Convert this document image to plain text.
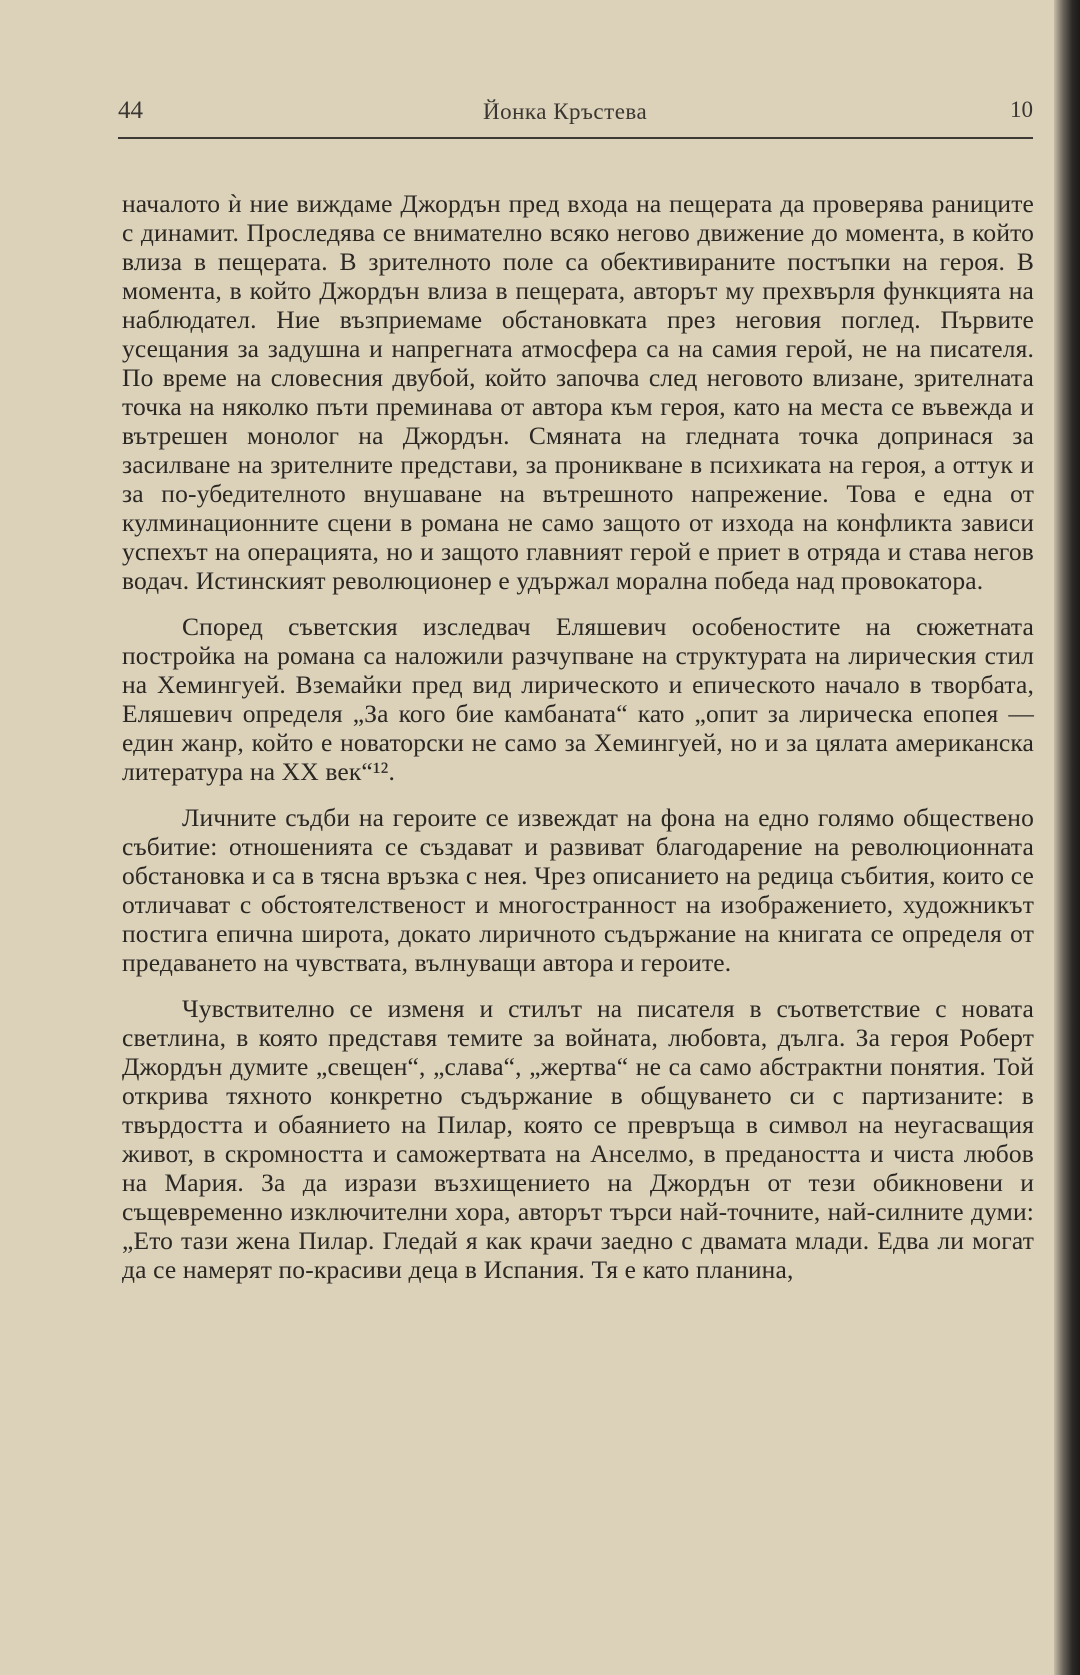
44	Йонка Кръстева	10

началото ѝ ние виждаме Джордън пред входа на пещерата да проверява раниците с динамит. Проследява се внимателно всяко негово движение до момента, в който влиза в пещерата. В зрителното поле са обективираните постъпки на героя. В момента, в който Джордън влиза в пещерата, авторът му прехвърля функцията на наблюдател. Ние възприемаме обстановката през неговия поглед. Първите усещания за задушна и напрегната атмосфера са на самия герой, не на писателя. По време на словесния двубой, който започва след неговото влизане, зрителната точка на няколко пъти преминава от автора към героя, като на места се въвежда и вътрешен монолог на Джордън. Смяната на гледната точка допринася за засилване на зрителните представи, за проникване в психиката на героя, а оттук и за по-убедителното внушаване на вътрешното напрежение. Това е една от кулминационните сцени в романа не само защото от изхода на конфликта зависи успехът на операцията, но и защото главният герой е приет в отряда и става негов водач. Истинският революционер е удържал морална победа над провокатора.

Според съветския изследвач Еляшевич особеностите на сюжетната постройка на романа са наложили разчупване на структурата на лирическия стил на Хемингуей. Вземайки пред вид лирическото и епическото начало в творбата, Еляшевич определя „За кого бие камбаната“ като „опит за лирическа епопея — един жанр, който е новаторски не само за Хемингуей, но и за цялата американска литература на XX век“¹².

Личните съдби на героите се извеждат на фона на едно голямо обществено събитие: отношенията се създават и развиват благодарение на революционната обстановка и са в тясна връзка с нея. Чрез описанието на редица събития, които се отличават с обстоятелственост и многостранност на изображението, художникът постига епична широта, докато лиричното съдържание на книгата се определя от предаването на чувствата, вълнуващи автора и героите.

Чувствително се изменя и стилът на писателя в съответствие с новата светлина, в която представя темите за войната, любовта, дълга. За героя Роберт Джордън думите „свещен“, „слава“, „жертва“ не са само абстрактни понятия. Той открива тяхното конкретно съдържание в общуването си с партизаните: в твърдостта и обаянието на Пилар, която се превръща в символ на неугасващия живот, в скромността и саможертвата на Анселмо, в предаността и чиста любов на Мария. За да изрази възхищението на Джордън от тези обикновени и същевременно изключителни хора, авторът търси най-точните, най-силните думи: „Ето тази жена Пилар. Гледай я как крачи заедно с двамата млади. Едва ли могат да се намерят по-красиви деца в Испания. Тя е като планина,
